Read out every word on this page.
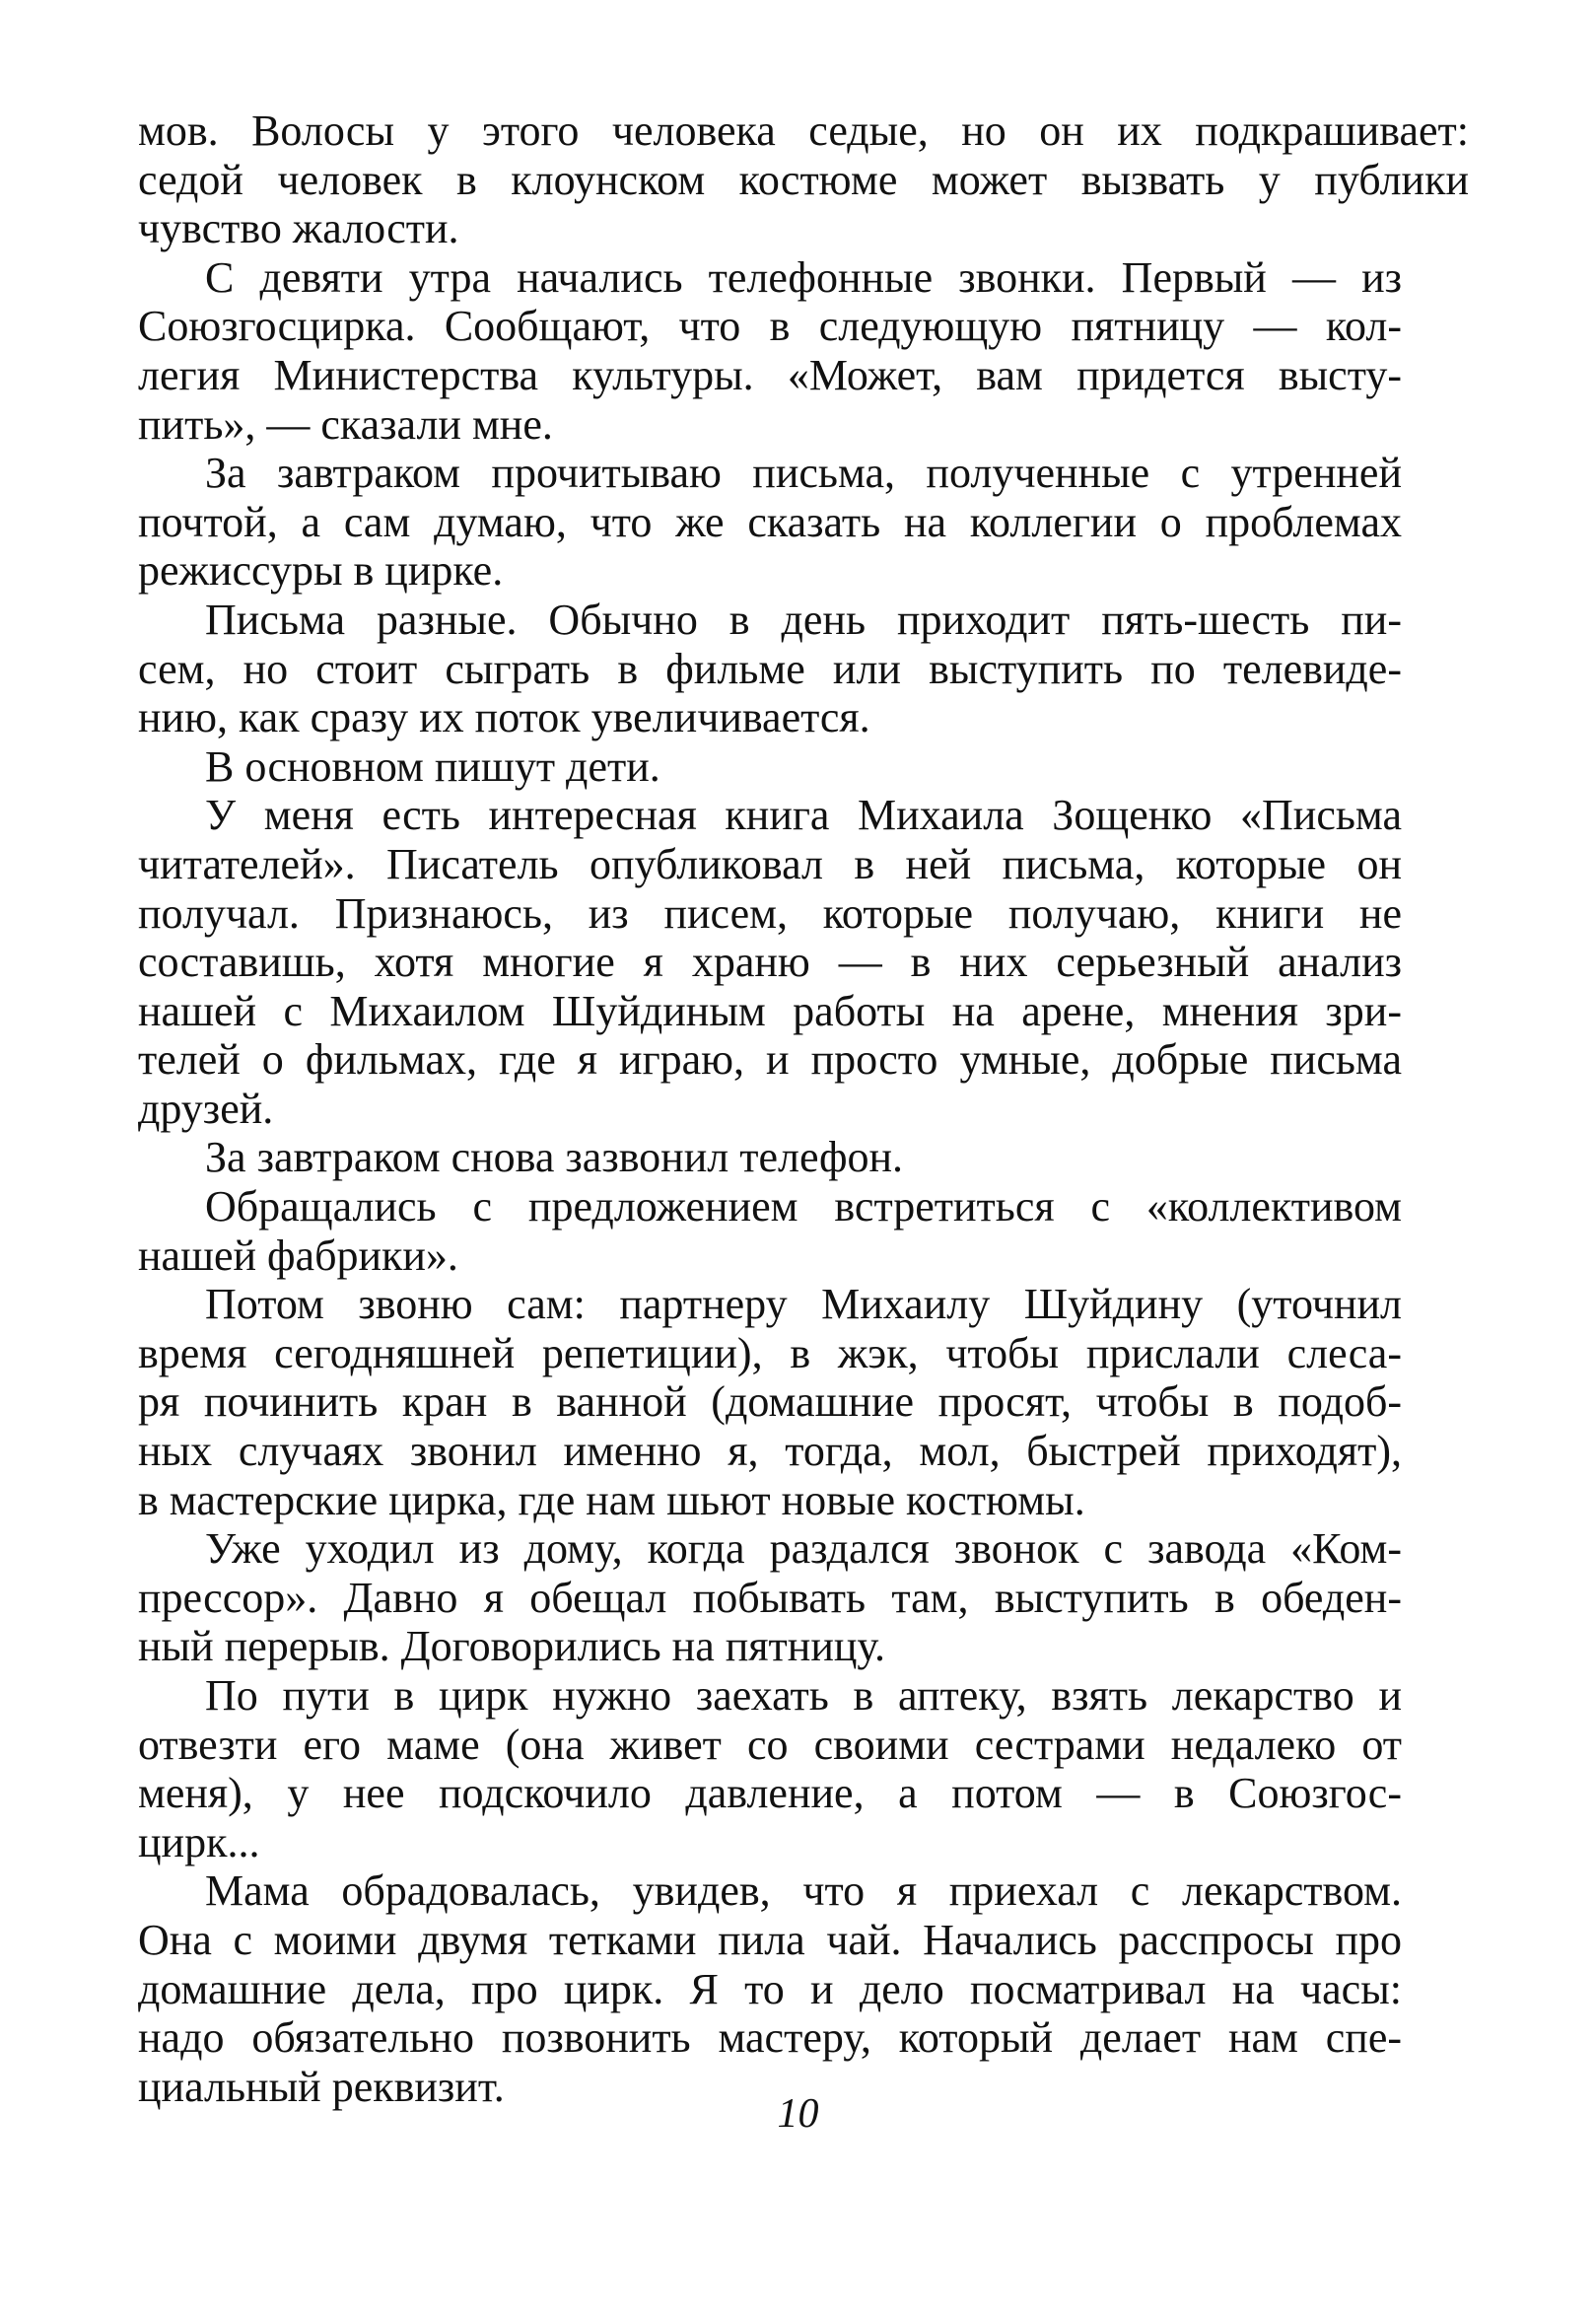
мов. Волосы у этого человека седые, но он их подкрашивает:
седой человек в клоунском костюме может вызвать у публики
чувство жалости.
С девяти утра начались телефонные звонки. Первый — из
Союзгосцирка. Сообщают, что в следующую пятницу — кол-
легия Министерства культуры. «Может, вам придется высту-
пить», — сказали мне.
За завтраком прочитываю письма, полученные с утренней
почтой, а сам думаю, что же сказать на коллегии о проблемах
режиссуры в цирке.
Письма разные. Обычно в день приходит пять-шесть пи-
сем, но стоит сыграть в фильме или выступить по телевиде-
нию, как сразу их поток увеличивается.
В основном пишут дети.
У меня есть интересная книга Михаила Зощенко «Письма
читателей». Писатель опубликовал в ней письма, которые он
получал. Признаюсь, из писем, которые получаю, книги не
составишь, хотя многие я храню — в них серьезный анализ
нашей с Михаилом Шуйдиным работы на арене, мнения зри-
телей о фильмах, где я играю, и просто умные, добрые письма
друзей.
За завтраком снова зазвонил телефон.
Обращались с предложением встретиться с «коллективом
нашей фабрики».
Потом звоню сам: партнеру Михаилу Шуйдину (уточнил
время сегодняшней репетиции), в жэк, чтобы прислали слеса-
ря починить кран в ванной (домашние просят, чтобы в подоб-
ных случаях звонил именно я, тогда, мол, быстрей приходят),
в мастерские цирка, где нам шьют новые костюмы.
Уже уходил из дому, когда раздался звонок с завода «Ком-
прессор». Давно я обещал побывать там, выступить в обеден-
ный перерыв. Договорились на пятницу.
По пути в цирк нужно заехать в аптеку, взять лекарство и
отвезти его маме (она живет со своими сестрами недалеко от
меня), у нее подскочило давление, а потом — в Союзгос-
цирк...
Мама обрадовалась, увидев, что я приехал с лекарством.
Она с моими двумя тетками пила чай. Начались расспросы про
домашние дела, про цирк. Я то и дело посматривал на часы:
надо обязательно позвонить мастеру, который делает нам спе-
циальный реквизит.
10
